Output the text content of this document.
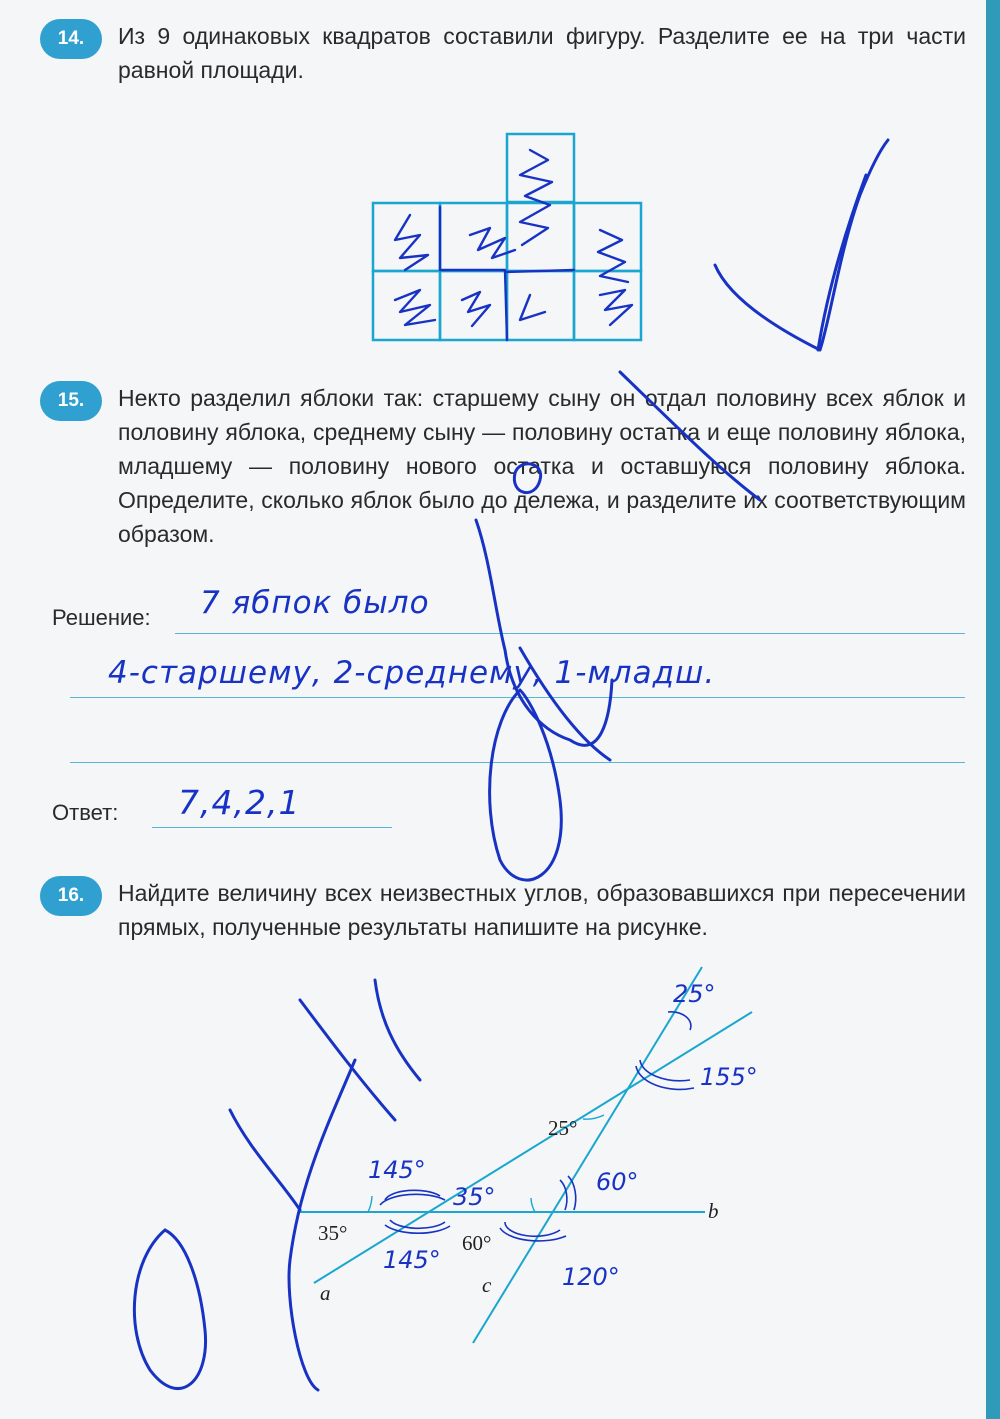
14.	Из 9 одинаковых квадратов составили фигуру. Разделите ее на три части равной площади.
15.	Некто разделил яблоки так: старшему сыну он отдал половину всех яблок и половину яблока, среднему сыну — половину остатка и еще половину яблока, младшему — половину нового остатка и оставшуюся половину яблока. Определите, сколько яблок было до дележа, и разделите их соответствующим образом.
Решение: 7 ябпок было
4-старшему, 2-среднему, 1-младш.
Ответ: 7,4,2,1
16.	Найдите величину всех неизвестных углов, образовавшихся при пересечении прямых, полученные результаты напишите на рисунке.
35°	60°
25°
b
a	c
25°
155°
145°
35°
145°
60°
120°
